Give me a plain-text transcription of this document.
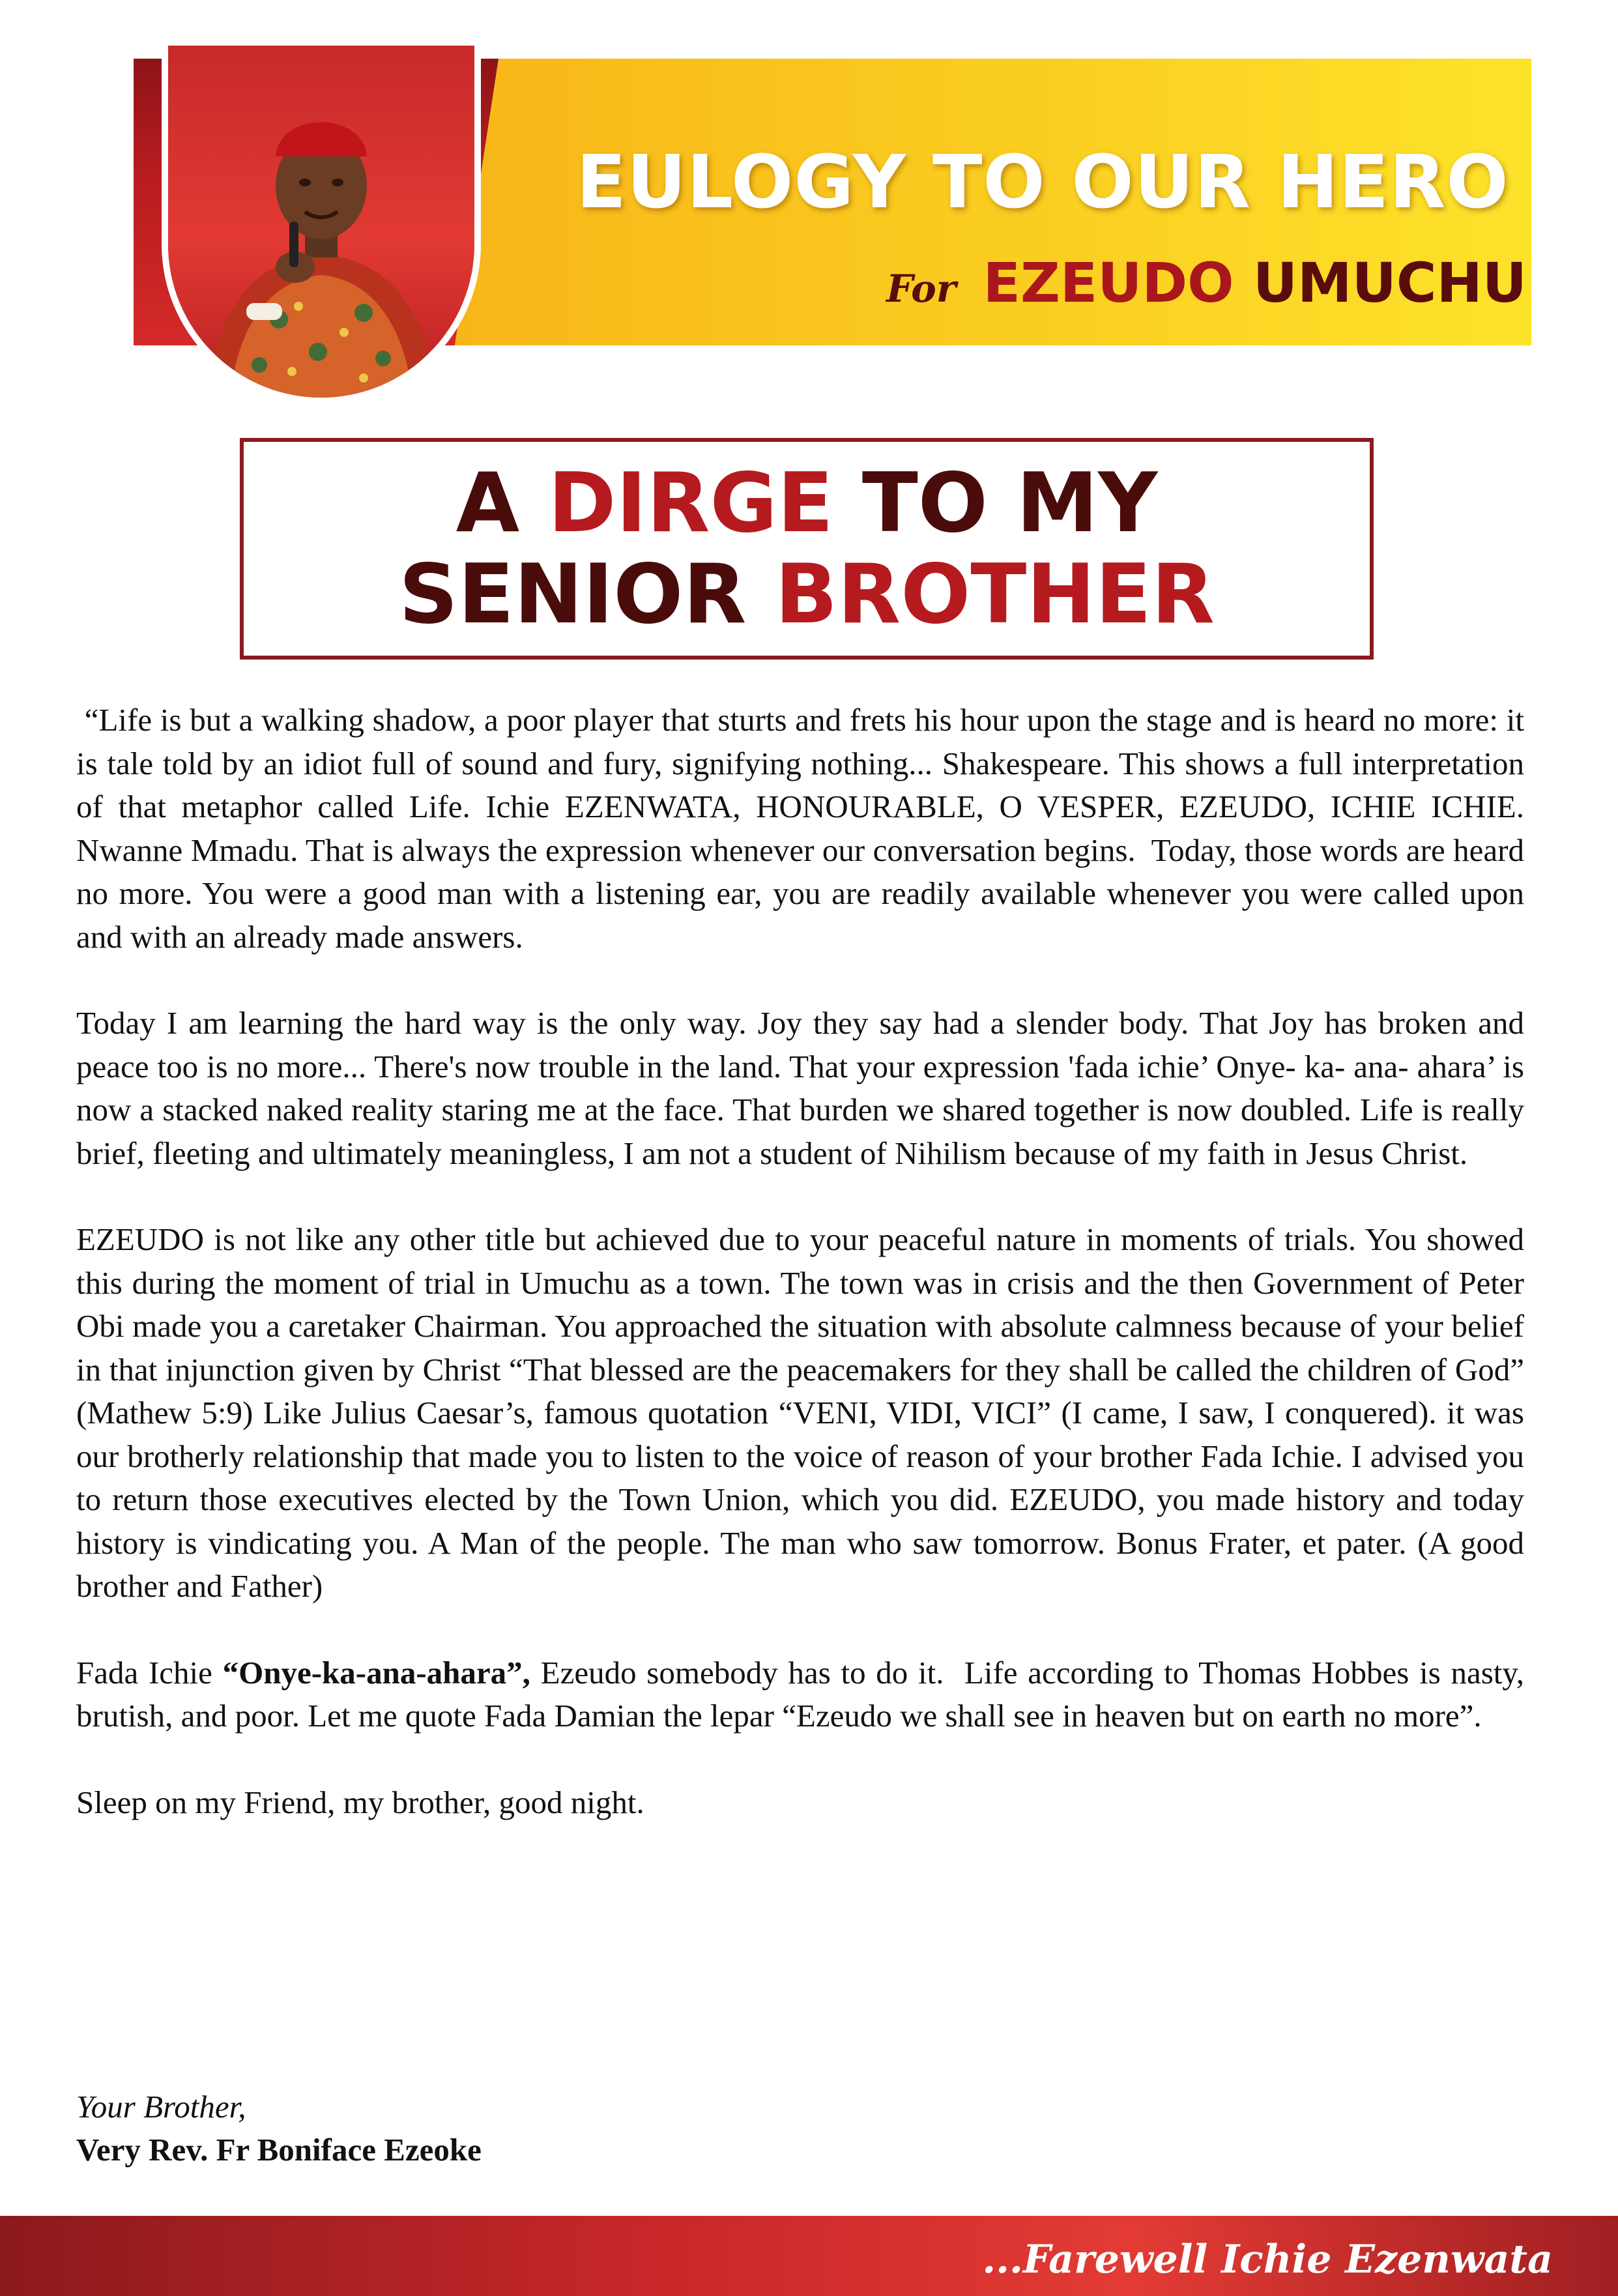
EULOGY TO OUR HERO
For EZEUDO UMUCHU
A DIRGE TO MY
SENIOR BROTHER

“Life is but a walking shadow, a poor player that sturts and frets his hour upon the stage and is heard no more: it is tale told by an idiot full of sound and fury, signifying nothing... Shakespeare. This shows a full interpretation of that metaphor called Life. Ichie EZENWATA, HONOURABLE, O VESPER, EZEUDO, ICHIE ICHIE. Nwanne Mmadu. That is always the expression whenever our conversation begins.  Today, those words are heard no more. You were a good man with a listening ear, you are readily available whenever you were called upon and with an already made answers.

Today I am learning the hard way is the only way. Joy they say had a slender body. That Joy has broken and peace too is no more... There's now trouble in the land. That your expression 'fada ichie’ Onye- ka- ana- ahara’ is now a stacked naked reality staring me at the face. That burden we shared together is now doubled. Life is really brief, fleeting and ultimately meaningless, I am not a student of Nihilism because of my faith in Jesus Christ.

EZEUDO is not like any other title but achieved due to your peaceful nature in moments of trials. You showed this during the moment of trial in Umuchu as a town. The town was in crisis and the then Government of Peter Obi made you a caretaker Chairman. You approached the situation with absolute calmness because of your belief in that injunction given by Christ “That blessed are the peacemakers for they shall be called the children of God” (Mathew 5:9) Like Julius Caesar’s, famous quotation “VENI, VIDI, VICI” (I came, I saw, I conquered). it was our brotherly relationship that made you to listen to the voice of reason of your brother Fada Ichie. I advised you to return those executives elected by the Town Union, which you did. EZEUDO, you made history and today history is vindicating you. A Man of the people. The man who saw tomorrow. Bonus Frater, et pater. (A good brother and Father)

Fada Ichie “Onye-ka-ana-ahara”, Ezeudo somebody has to do it.  Life according to Thomas Hobbes is nasty, brutish, and poor. Let me quote Fada Damian the lepar “Ezeudo we shall see in heaven but on earth no more”.

Sleep on my Friend, my brother, good night.

Your Brother,
Very Rev. Fr Boniface Ezeoke
...Farewell Ichie Ezenwata
